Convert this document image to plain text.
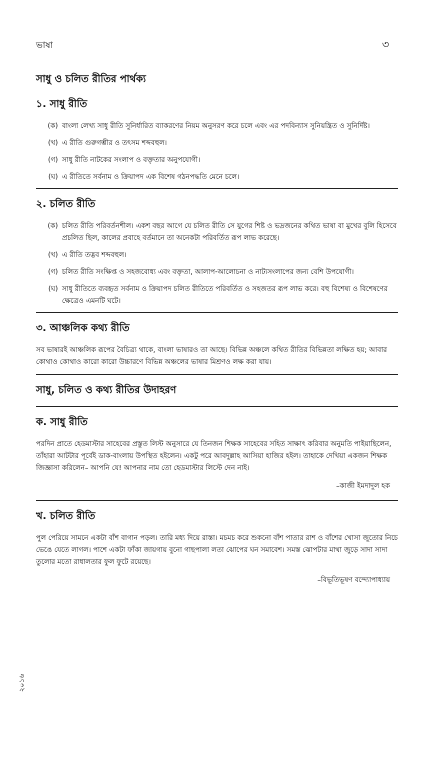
ভাষা	৩
সাধু ও চলিত রীতির পার্থক্য
১. সাধু রীতি
(ক) বাংলা লেখ্য সাধু রীতি সুনির্ধারিত ব্যাকরণের নিয়ম অনুসরণ করে চলে এবং এর পদবিন্যাস সুনিয়ন্ত্রিত ও সুনির্দিষ্ট।
(খ) এ রীতি গুরুগম্ভীর ও তৎসম শব্দবহুল।
(গ) সাধু রীতি নাটকের সংলাপ ও বক্তৃতার অনুপযোগী।
(ঘ) এ রীতিতে সর্বনাম ও ক্রিয়াপদ এক বিশেষ গঠনপদ্ধতি মেনে চলে।
২. চলিত রীতি
(ক) চলিত রীতি পরিবর্তনশীল। একশ বছর আগে যে চলিত রীতি সে যুগের শিষ্ট ও ভদ্রজনের কথিত ভাষা বা মুখের বুলি হিসেবে প্রচলিত ছিল, কালের প্রবাহে বর্তমানে তা অনেকটা পরিবর্তিত রূপ লাভ করেছে।
(খ) এ রীতি তদ্ভব শব্দবহুল।
(গ) চলিত রীতি সংক্ষিপ্ত ও সহজবোধ্য এবং বক্তৃতা, আলাপ-আলোচনা ও নাট্যসংলাপের জন্য বেশি উপযোগী।
(ঘ) সাধু রীতিতে ব্যবহৃত সর্বনাম ও ক্রিয়াপদ চলিত রীতিতে পরিবর্তিত ও সহজতর রূপ লাভ করে। বহু বিশেষ্য ও বিশেষণের ক্ষেত্রেও এমনটি ঘটে।
৩. আঞ্চলিক কথ্য রীতি
সব ভাষারই আঞ্চলিক রূপের বৈচিত্র্য থাকে, বাংলা ভাষারও তা আছে। বিভিন্ন অঞ্চলে কথিত রীতির বিভিন্নতা লক্ষিত হয়; আবার কোথাও কোথাও কারো কারো উচ্চারণে বিভিন্ন অঞ্চলের ভাষার মিশ্রণও লক্ষ করা যায়।
সাধু, চলিত ও কথ্য রীতির উদাহরণ
ক. সাধু রীতি
পরদিন প্রাতে হেডমাস্টার সাহেবের প্রস্তুত লিস্ট অনুসারে যে তিনজন শিক্ষক সাহেবের সহিত সাক্ষাৎ করিবার অনুমতি পাইয়াছিলেন, তাঁহারা আটটার পূর্বেই ডাক-বাংলায় উপস্থিত হইলেন। একটু পরে আবদুল্লাহ আসিয়া হাজির হইল। তাহাকে দেখিয়া একজন শিক্ষক জিজ্ঞাসা করিলেন– আপনি যে! আপনার নাম তো হেডমাস্টার লিস্টে দেন নাই।
–কাজী ইমদাদুল হক
খ. চলিত রীতি
পুল পেরিয়ে সামনে একটা বাঁশ বাগান পড়ল। তারি মধ্য দিয়ে রাস্তা। মচমচ করে শুকনো বাঁশ পাতার রাশ ও বাঁশের খোসা জুতোর নিচে ভেঙে যেতে লাগল। পাশে একটা ফাঁকা জায়গায় বুনো গাছপালা লতা ঝোপের ঘন সমাবেশ। সমস্ত ঝোপটার মাথা জুড়ে সাদা সাদা তুলোর মতো রাধালতার ফুল ফুটে রয়েছে।
–বিভূতিভূষণ বন্দ্যোপাধ্যায়
২০১৬
